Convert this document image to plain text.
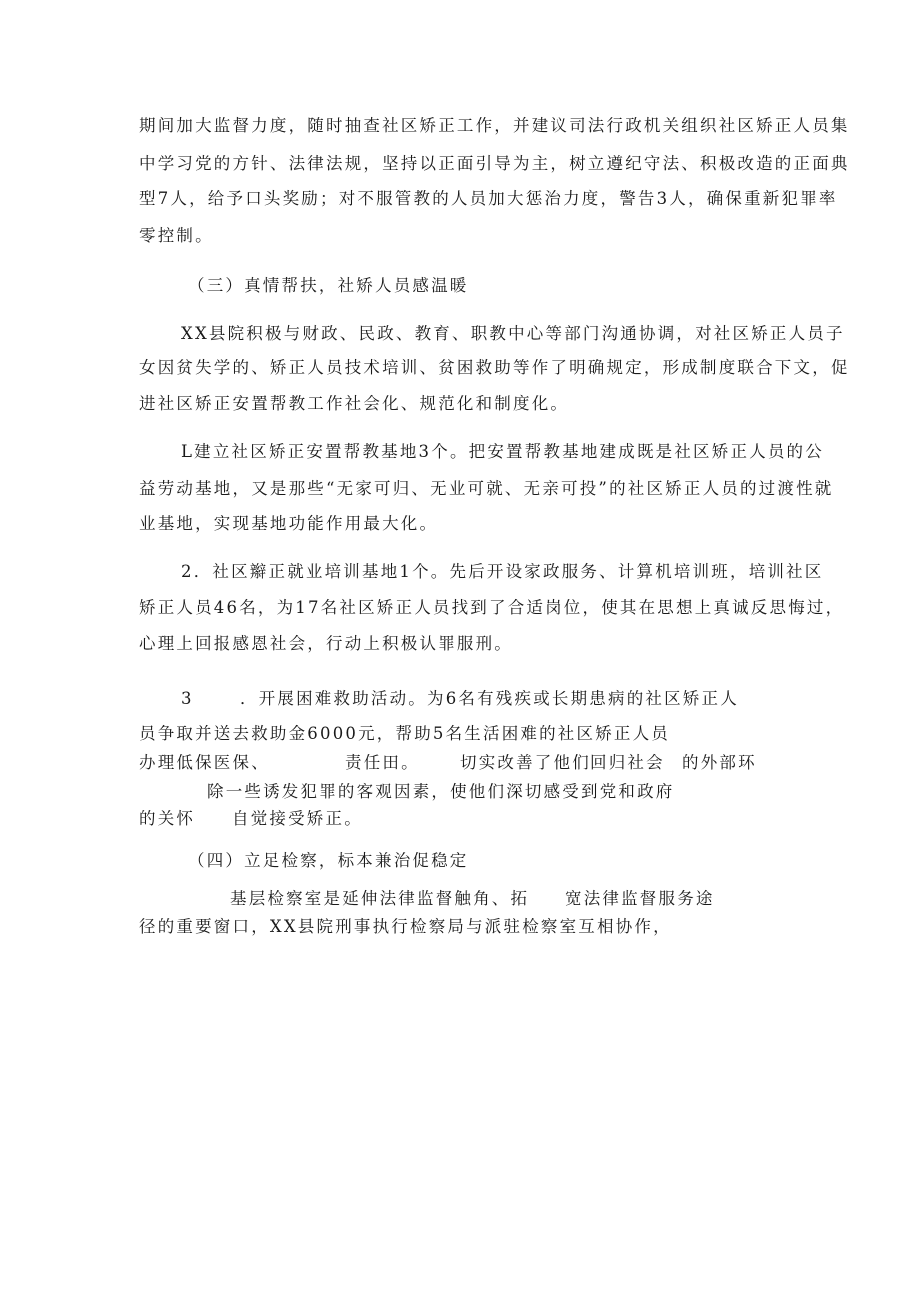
期间加大监督力度，随时抽查社区矫正工作，并建议司法行政机关组织社区矫正人员集
中学习党的方针、法律法规，坚持以正面引导为主，树立遵纪守法、积极改造的正面典
型7人，给予口头奖励；对不服管教的人员加大惩治力度，警告3人，确保重新犯罪率
零控制。
（三）真情帮扶，社矫人员感温暖
XX县院积极与财政、民政、教育、职教中心等部门沟通协调，对社区矫正人员子
女因贫失学的、矫正人员技术培训、贫困救助等作了明确规定，形成制度联合下文，促
进社区矫正安置帮教工作社会化、规范化和制度化。
L建立社区矫正安置帮教基地3个。把安置帮教基地建成既是社区矫正人员的公
益劳动基地，又是那些“无家可归、无业可就、无亲可投”的社区矫正人员的过渡性就
业基地，实现基地功能作用最大化。
2．社区辮正就业培训基地1个。先后开设家政服务、计算机培训班，培训社区
矫正人员46名，为17名社区矫正人员找到了合适岗位，使其在思想上真诚反思悔过，
心理上回报感恩社会，行动上积极认罪服刑。
3	．开展困难救助活动。为6名有残疾或长期患病的社区矫正人
员争取并送去救助金6000元，帮助5名生活困难的社区矫正人员
办理低保医保、	责任田。 切实改善了他们 回归社会 的外部环
除一些诱发犯罪的客观因素，使他们深切感受到党和政府
的关怀 自觉接受矫正。
（四）立足检察，标本兼治促稳定
基层检察室是延伸法律监督触角、拓 宽法律监督服务途
径的重要窗口，XX县院刑事执行检察局与派驻检察室互相协作，
